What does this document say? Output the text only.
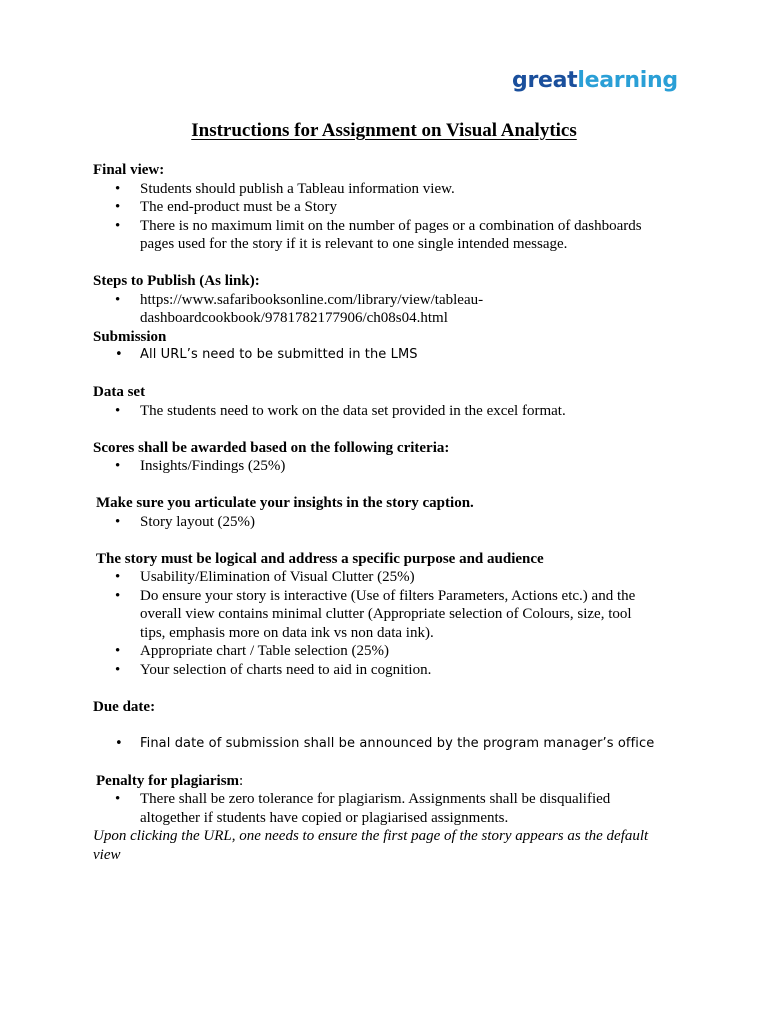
greatlearning
Instructions for Assignment on Visual Analytics
Final view:
• Students should publish a Tableau information view.
• The end-product must be a Story
• There is no maximum limit on the number of pages or a combination of dashboards pages used for the story if it is relevant to one single intended message.
Steps to Publish (As link):
• https://www.safaribooksonline.com/library/view/tableau-dashboardcookbook/9781782177906/ch08s04.html
Submission
• All URL’s need to be submitted in the LMS
Data set
• The students need to work on the data set provided in the excel format.
Scores shall be awarded based on the following criteria:
• Insights/Findings (25%)
Make sure you articulate your insights in the story caption.
• Story layout (25%)
The story must be logical and address a specific purpose and audience
• Usability/Elimination of Visual Clutter (25%)
• Do ensure your story is interactive (Use of filters Parameters, Actions etc.) and the overall view contains minimal clutter (Appropriate selection of Colours, size, tool tips, emphasis more on data ink vs non data ink).
• Appropriate chart / Table selection (25%)
• Your selection of charts need to aid in cognition.
Due date:
• Final date of submission shall be announced by the program manager’s office
Penalty for plagiarism:
• There shall be zero tolerance for plagiarism. Assignments shall be disqualified altogether if students have copied or plagiarised assignments.
Upon clicking the URL, one needs to ensure the first page of the story appears as the default view
